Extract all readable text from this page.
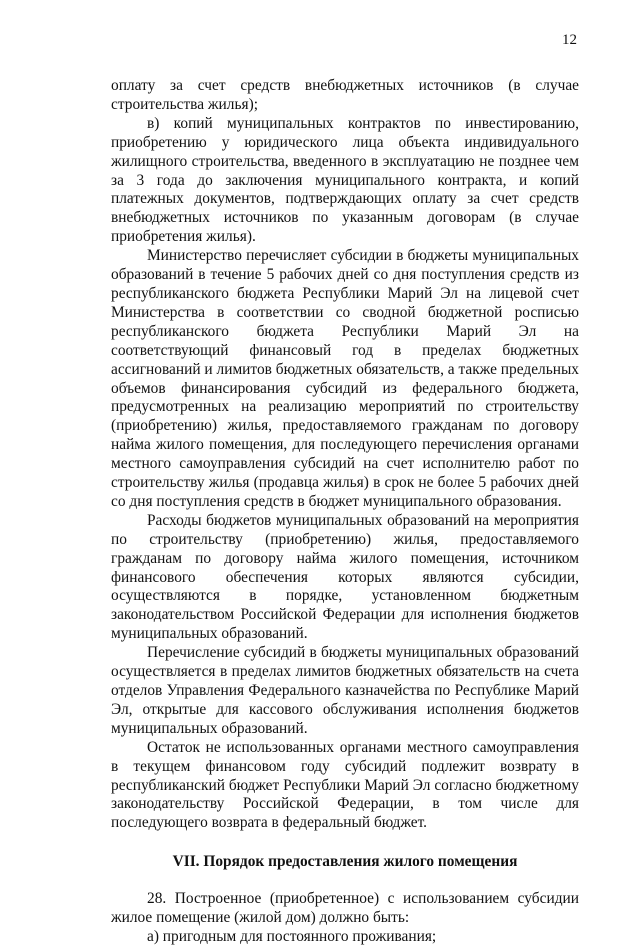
12

оплату за счет средств внебюджетных источников (в случае строительства жилья);

в) копий муниципальных контрактов по инвестированию, приобретению у юридического лица объекта индивидуального жилищного строительства, введенного в эксплуатацию не позднее чем за 3 года до заключения муниципального контракта, и копий платежных документов, подтверждающих оплату за счет средств внебюджетных источников по указанным договорам (в случае приобретения жилья).

Министерство перечисляет субсидии в бюджеты муниципальных образований в течение 5 рабочих дней со дня поступления средств из республиканского бюджета Республики Марий Эл на лицевой счет Министерства в соответствии со сводной бюджетной росписью республиканского бюджета Республики Марий Эл на соответствующий финансовый год в пределах бюджетных ассигнований и лимитов бюджетных обязательств, а также предельных объемов финансирования субсидий из федерального бюджета, предусмотренных на реализацию мероприятий по строительству (приобретению) жилья, предоставляемого гражданам по договору найма жилого помещения, для последующего перечисления органами местного самоуправления субсидий на счет исполнителю работ по строительству жилья (продавца жилья) в срок не более 5 рабочих дней со дня поступления средств в бюджет муниципального образования.

Расходы бюджетов муниципальных образований на мероприятия по строительству (приобретению) жилья, предоставляемого гражданам по договору найма жилого помещения, источником финансового обеспечения которых являются субсидии, осуществляются в порядке, установленном бюджетным законодательством Российской Федерации для исполнения бюджетов муниципальных образований.

Перечисление субсидий в бюджеты муниципальных образований осуществляется в пределах лимитов бюджетных обязательств на счета отделов Управления Федерального казначейства по Республике Марий Эл, открытые для кассового обслуживания исполнения бюджетов муниципальных образований.

Остаток не использованных органами местного самоуправления в текущем финансовом году субсидий подлежит возврату в республиканский бюджет Республики Марий Эл согласно бюджетному законодательству Российской Федерации, в том числе для последующего возврата в федеральный бюджет.

VII. Порядок предоставления жилого помещения

28. Построенное (приобретенное) с использованием субсидии жилое помещение (жилой дом) должно быть:

а) пригодным для постоянного проживания;
